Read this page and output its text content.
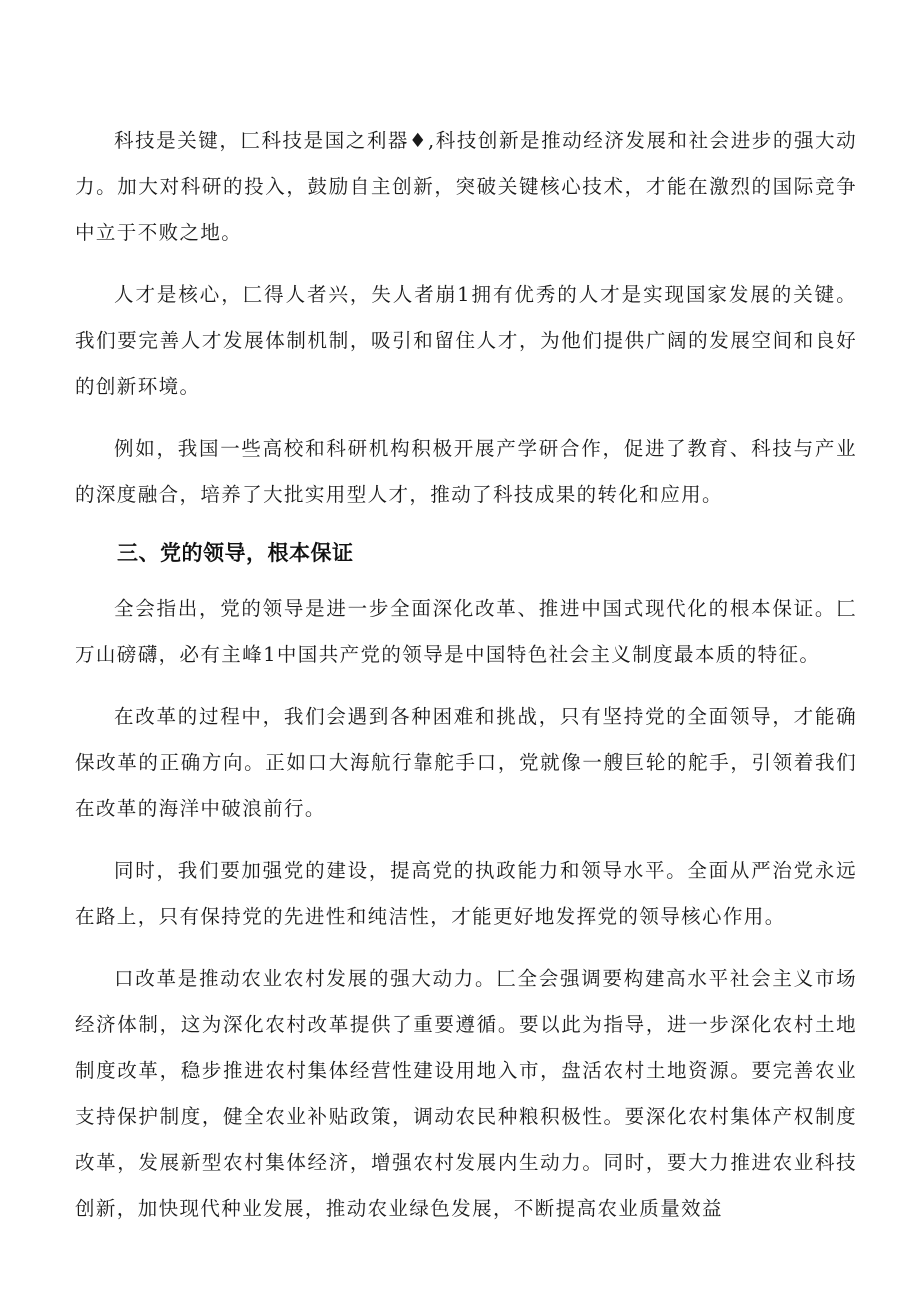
科技是关键，匚科技是国之利器♦,科技创新是推动经济发展和社会进步的强大动力。加大对科研的投入，鼓励自主创新，突破关键核心技术，才能在激烈的国际竞争中立于不败之地。

人才是核心，匚得人者兴，失人者崩1拥有优秀的人才是实现国家发展的关键。我们要完善人才发展体制机制，吸引和留住人才，为他们提供广阔的发展空间和良好的创新环境。

例如，我国一些高校和科研机构积极开展产学研合作，促进了教育、科技与产业的深度融合，培养了大批实用型人才，推动了科技成果的转化和应用。

三、党的领导，根本保证

全会指出，党的领导是进一步全面深化改革、推进中国式现代化的根本保证。匚万山磅礴，必有主峰1中国共产党的领导是中国特色社会主义制度最本质的特征。

在改革的过程中，我们会遇到各种困难和挑战，只有坚持党的全面领导，才能确保改革的正确方向。正如口大海航行靠舵手口，党就像一艘巨轮的舵手，引领着我们在改革的海洋中破浪前行。

同时，我们要加强党的建设，提高党的执政能力和领导水平。全面从严治党永远在路上，只有保持党的先进性和纯洁性，才能更好地发挥党的领导核心作用。

口改革是推动农业农村发展的强大动力。匚全会强调要构建高水平社会主义市场经济体制，这为深化农村改革提供了重要遵循。要以此为指导，进一步深化农村土地制度改革，稳步推进农村集体经营性建设用地入市，盘活农村土地资源。要完善农业支持保护制度，健全农业补贴政策，调动农民种粮积极性。要深化农村集体产权制度改革，发展新型农村集体经济，增强农村发展内生动力。同时，要大力推进农业科技创新，加快现代种业发展，推动农业绿色发展，不断提高农业质量效益
